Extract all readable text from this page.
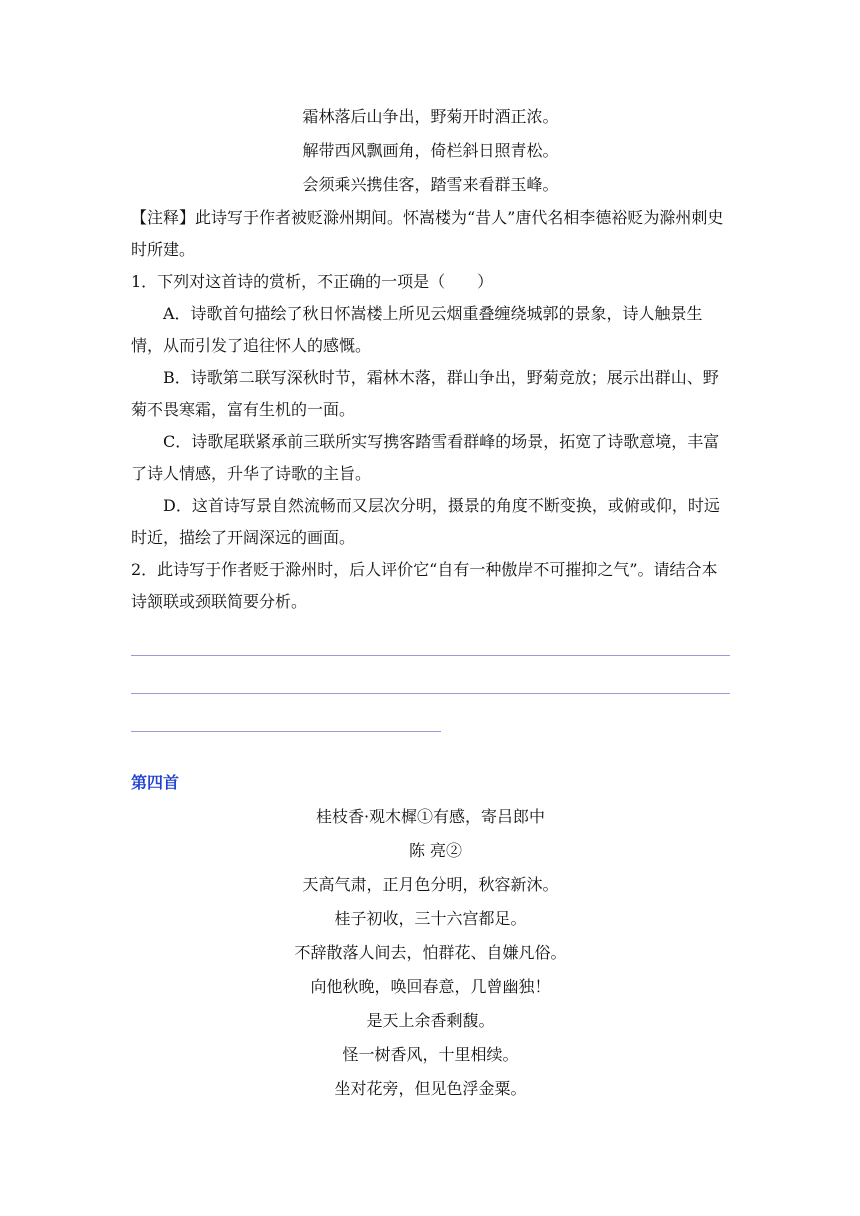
霜林落后山争出，野菊开时酒正浓。
解带西风飘画角，倚栏斜日照青松。
会须乘兴携佳客，踏雪来看群玉峰。

【注释】此诗写于作者被贬滁州期间。怀嵩楼为“昔人”唐代名相李德裕贬为滁州刺史时所建。

1．下列对这首诗的赏析，不正确的一项是（　　）

A．诗歌首句描绘了秋日怀嵩楼上所见云烟重叠缠绕城郭的景象，诗人触景生情，从而引发了追往怀人的感慨。

B．诗歌第二联写深秋时节，霜林木落，群山争出，野菊竞放；展示出群山、野菊不畏寒霜，富有生机的一面。

C．诗歌尾联紧承前三联所实写携客踏雪看群峰的场景，拓宽了诗歌意境，丰富了诗人情感，升华了诗歌的主旨。

D．这首诗写景自然流畅而又层次分明，摄景的角度不断变换，或俯或仰，时远时近，描绘了开阔深远的画面。

2．此诗写于作者贬于滁州时，后人评价它“自有一种傲岸不可摧抑之气”。请结合本诗颔联或颈联简要分析。

第四首
桂枝香·观木樨①有感，寄吕郎中
陈 亮②
天高气肃，正月色分明，秋容新沐。
桂子初收，三十六宫都足。
不辞散落人间去，怕群花、自嫌凡俗。
向他秋晚，唤回春意，几曾幽独！
是天上余香剩馥。
怪一树香风，十里相续。
坐对花旁，但见色浮金粟。
